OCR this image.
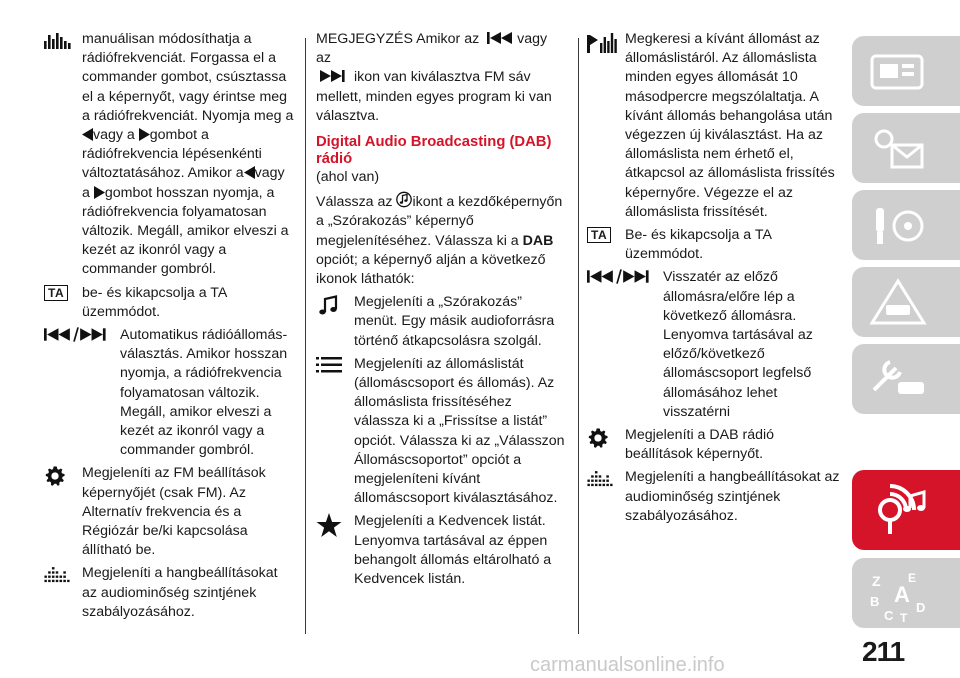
manuálisan módosíthatja a rádiófrekvenciát. Forgassa el a commander gombot, csúsztassa el a képernyőt, vagy érintse meg a rádiófrekvenciát. Nyomja meg a
vagy a gombot a rádiófrekvencia lépésenkénti változtatásához. Amikor a vagy a gombot hosszan nyomja, a rádiófrekvencia folyamatosan változik. Megáll, amikor elveszi a kezét az ikonról vagy a commander gombról.

TA be- és kikapcsolja a TA üzemmódot.

Automatikus rádióállomás-választás. Amikor hosszan nyomja, a rádiófrekvencia folyamatosan változik. Megáll, amikor elveszi a kezét az ikonról vagy a commander gombról.

Megjeleníti az FM beállítások képernyőjét (csak FM). Az Alternatív frekvencia és a Régiózár be/ki kapcsolása állítható be.

Megjeleníti a hangbeállításokat az audiominőség szintjének szabályozásához.

MEGJEGYZÉS Amikor az	vagy az
ikon van kiválasztva FM sáv mellett, minden egyes program ki van választva.

Digital Audio Broadcasting (DAB) rádió

(ahol van)

Válassza az ikont a kezdőképernyőn a „Szórakozás” képernyő megjelenítéséhez. Válassza ki a DAB opciót; a képernyő alján a következő ikonok láthatók:

Megjeleníti a „Szórakozás” menüt. Egy másik audioforrásra történő átkapcsolásra szolgál.

Megjeleníti az állomáslistát (állomáscsoport és állomás). Az állomáslista frissítéséhez válassza ki a „Frissítse a listát” opciót. Válassza ki az „Válasszon Állomáscsoportot” opciót a megjeleníteni kívánt állomáscsoport kiválasztásához.

Megjeleníti a Kedvencek listát. Lenyomva tartásával az éppen behangolt állomás eltárolható a Kedvencek listán.

Megkeresi a kívánt állomást az állomáslistáról. Az állomáslista minden egyes állomását 10 másodpercre megszólaltatja. A kívánt állomás behangolása után végezzen új kiválasztást. Ha az állomáslista nem érhető el, átkapcsol az állomáslista frissítés képernyőre. Végezze el az állomáslista frissítését.

TA Be- és kikapcsolja a TA üzemmódot.

Visszatér az előző állomásra/előre lép a következő állomásra. Lenyomva tartásával az előző/következő állomáscsoport legfelső állomásához lehet visszatérni

Megjeleníti a DAB rádió beállítások képernyőt.

Megjeleníti a hangbeállításokat az audiominőség szintjének szabályozásához.

Z E
B A
D
C T
211
carmanualsonline.info
